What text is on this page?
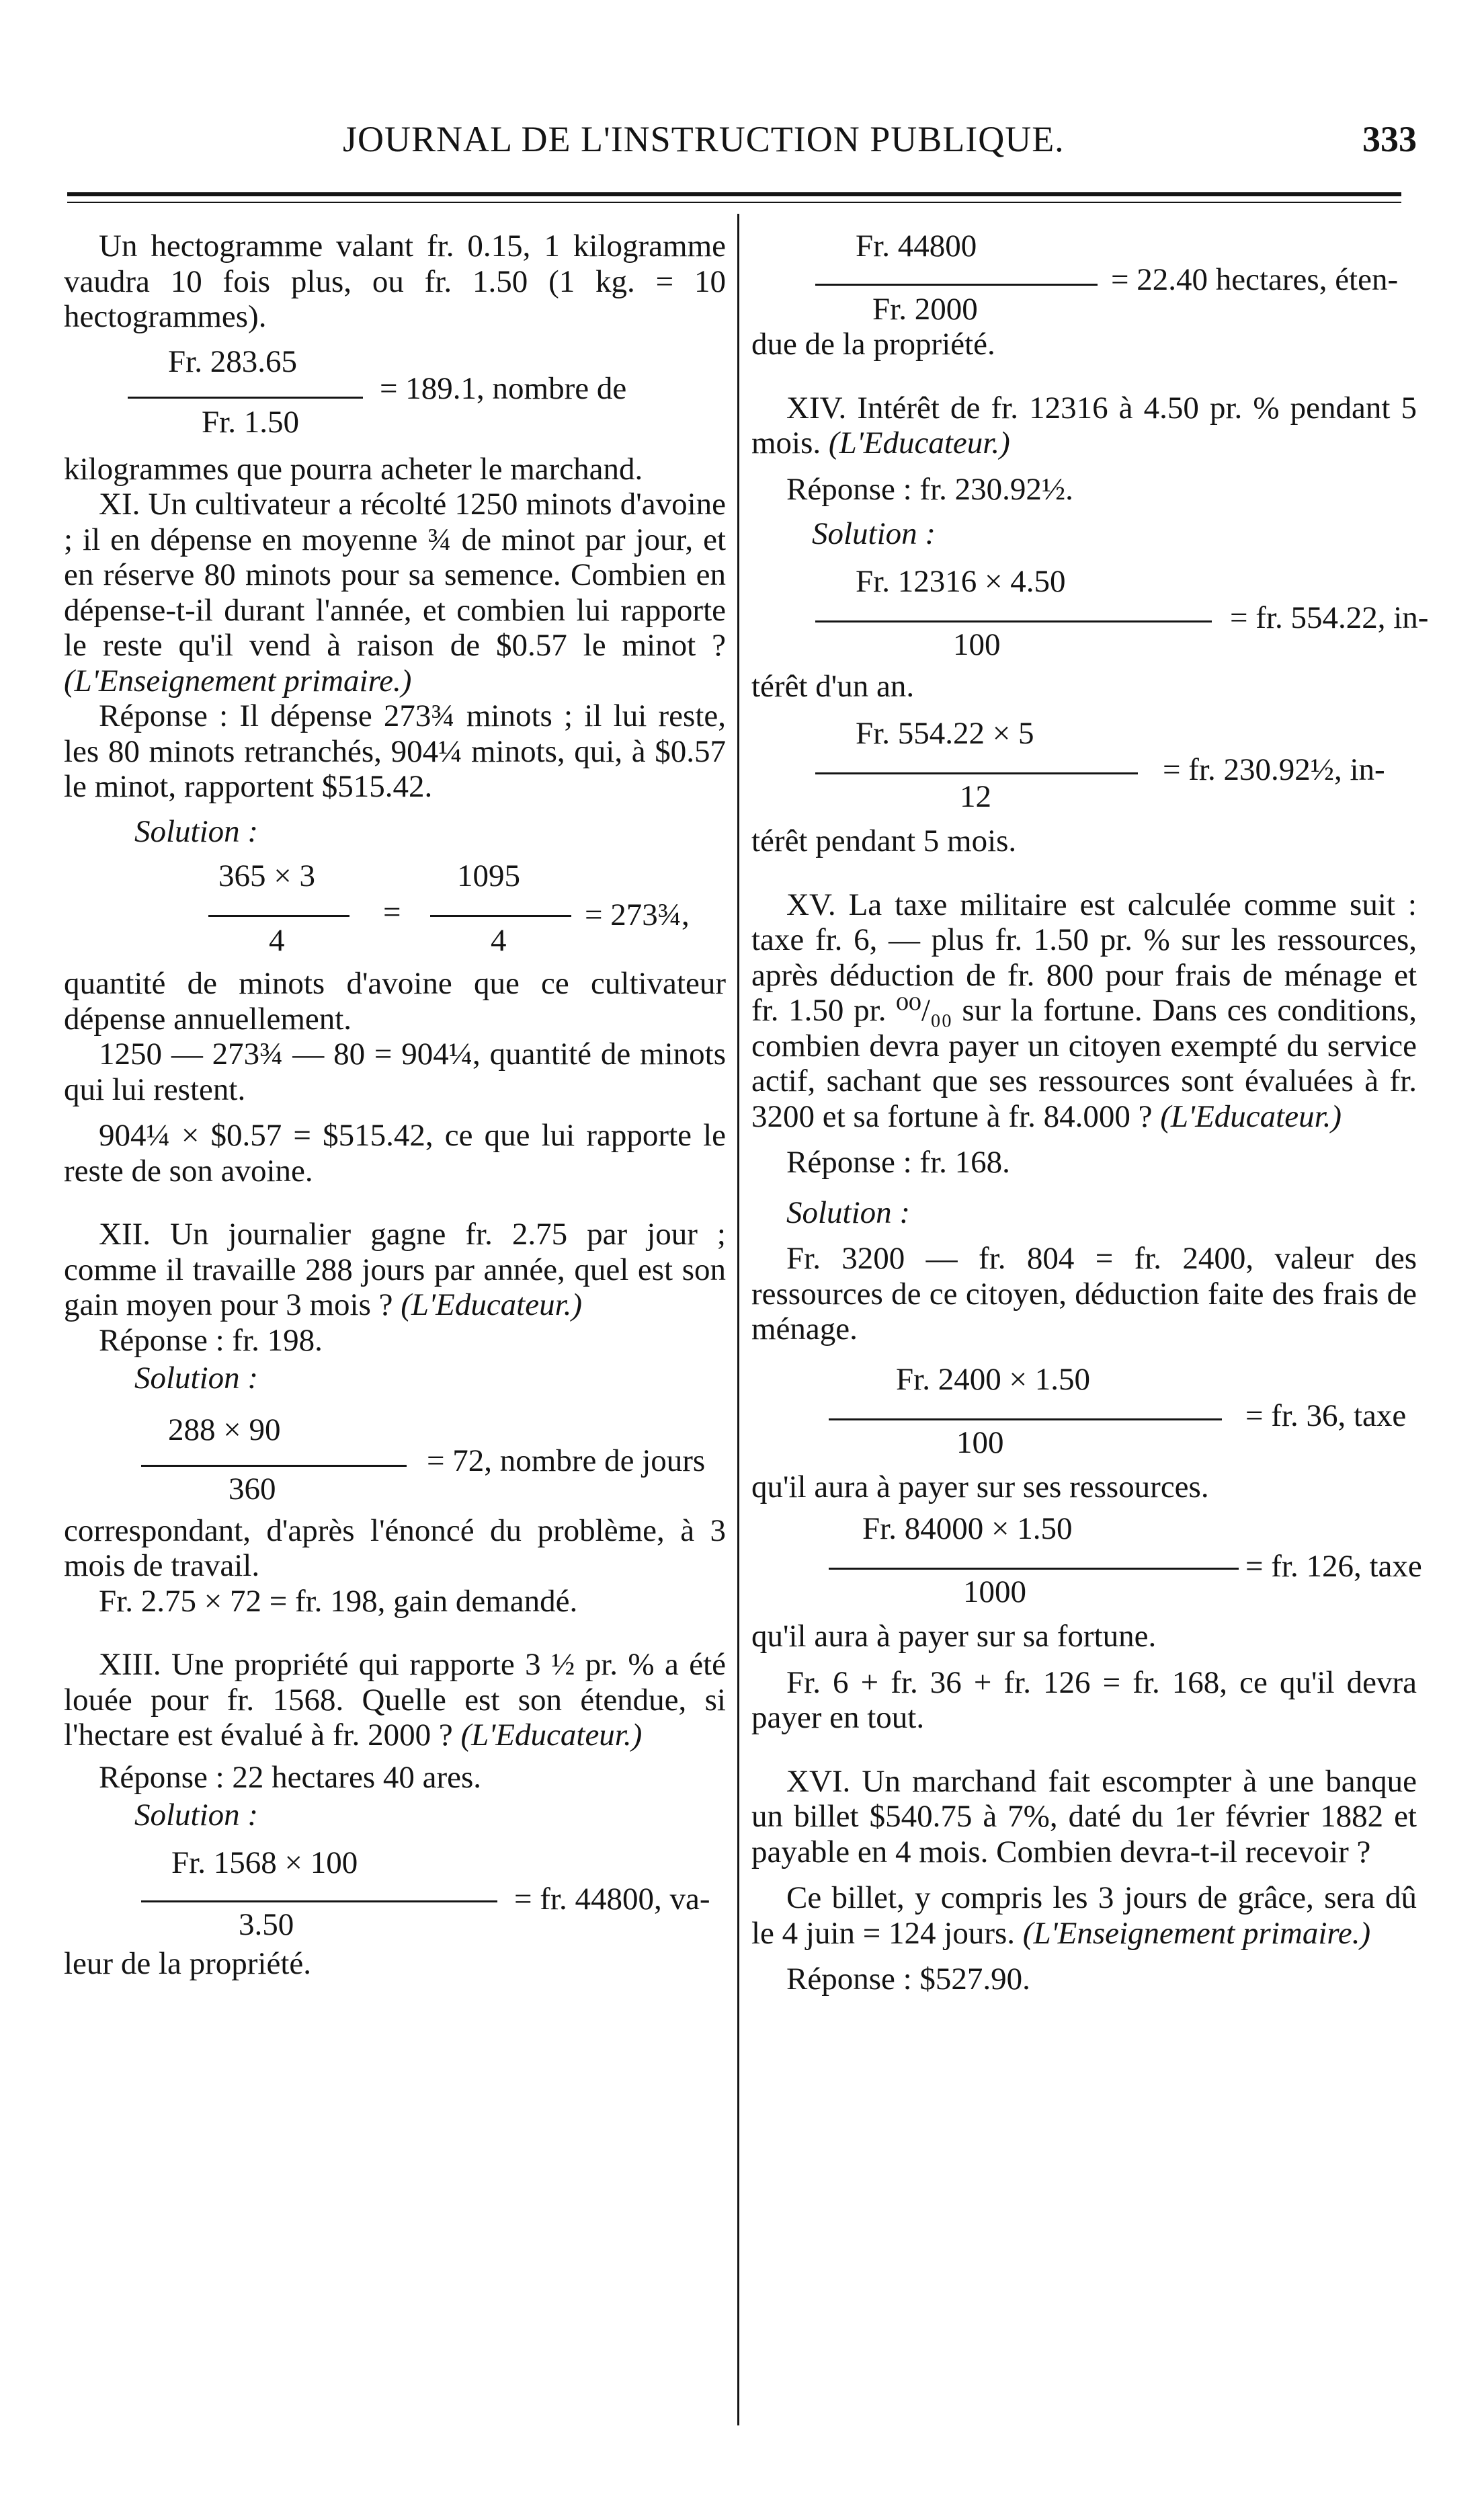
JOURNAL DE L'INSTRUCTION PUBLIQUE.	333

Un hectogramme valant fr. 0.15, 1 kilogramme vaudra 10 fois plus, ou fr. 1.50 (1 kg. = 10 hectogrammes).

Fr. 283.65
Fr. 1.50
= 189.1, nombre de

kilogrammes que pourra acheter le marchand.

XI. Un cultivateur a récolté 1250 minots d'avoine ; il en dépense en moyenne ¾ de minot par jour, et en réserve 80 minots pour sa semence. Combien en dépense-t-il durant l'année, et combien lui rapporte le reste qu'il vend à raison de $0.57 le minot ? (L'Enseignement primaire.)

Réponse : Il dépense 273¾ minots ; il lui reste, les 80 minots retranchés, 904¼ minots, qui, à $0.57 le minot, rapportent $515.42.

Solution :

365 × 3
4
=
1095
4
= 273¾,

quantité de minots d'avoine que ce cultivateur dépense annuellement.

1250 — 273¾ — 80 = 904¼, quantité de minots qui lui restent.

904¼ × $0.57 = $515.42, ce que lui rapporte le reste de son avoine.

XII. Un journalier gagne fr. 2.75 par jour ; comme il travaille 288 jours par année, quel est son gain moyen pour 3 mois ? (L'Educateur.)

Réponse : fr. 198.

Solution :

288 × 90
360
= 72, nombre de jours

correspondant, d'après l'énoncé du problème, à 3 mois de travail.

Fr. 2.75 × 72 = fr. 198, gain demandé.

XIII. Une propriété qui rapporte 3 ½ pr. % a été louée pour fr. 1568. Quelle est son étendue, si l'hectare est évalué à fr. 2000 ? (L'Educateur.)

Réponse : 22 hectares 40 ares.

Solution :

Fr. 1568 × 100
3.50
= fr. 44800, va-

leur de la propriété.

Fr. 44800
Fr. 2000
= 22.40 hectares, éten-

due de la propriété.

XIV. Intérêt de fr. 12316 à 4.50 pr. % pendant 5 mois. (L'Educateur.)

Réponse : fr. 230.92½.

Solution :

Fr. 12316 × 4.50
100
= fr. 554.22, in-

térêt d'un an.

Fr. 554.22 × 5
12
= fr. 230.92½, in-

térêt pendant 5 mois.

XV. La taxe militaire est calculée comme suit : taxe fr. 6, — plus fr. 1.50 pr. % sur les ressources, après déduction de fr. 800 pour frais de ménage et fr. 1.50 pr. ⁰⁰/₀₀ sur la fortune. Dans ces conditions, combien devra payer un citoyen exempté du service actif, sachant que ses ressources sont évaluées à fr. 3200 et sa fortune à fr. 84.000 ? (L'Educateur.)

Réponse : fr. 168.

Solution :

Fr. 3200 — fr. 804 = fr. 2400, valeur des ressources de ce citoyen, déduction faite des frais de ménage.

Fr. 2400 × 1.50
100
= fr. 36, taxe

qu'il aura à payer sur ses ressources.

Fr. 84000 × 1.50
1000
= fr. 126, taxe

qu'il aura à payer sur sa fortune.

Fr. 6 + fr. 36 + fr. 126 = fr. 168, ce qu'il devra payer en tout.

XVI. Un marchand fait escompter à une banque un billet $540.75 à 7%, daté du 1er février 1882 et payable en 4 mois. Combien devra-t-il recevoir ?

Ce billet, y compris les 3 jours de grâce, sera dû le 4 juin = 124 jours. (L'Enseignement primaire.)

Réponse : $527.90.
